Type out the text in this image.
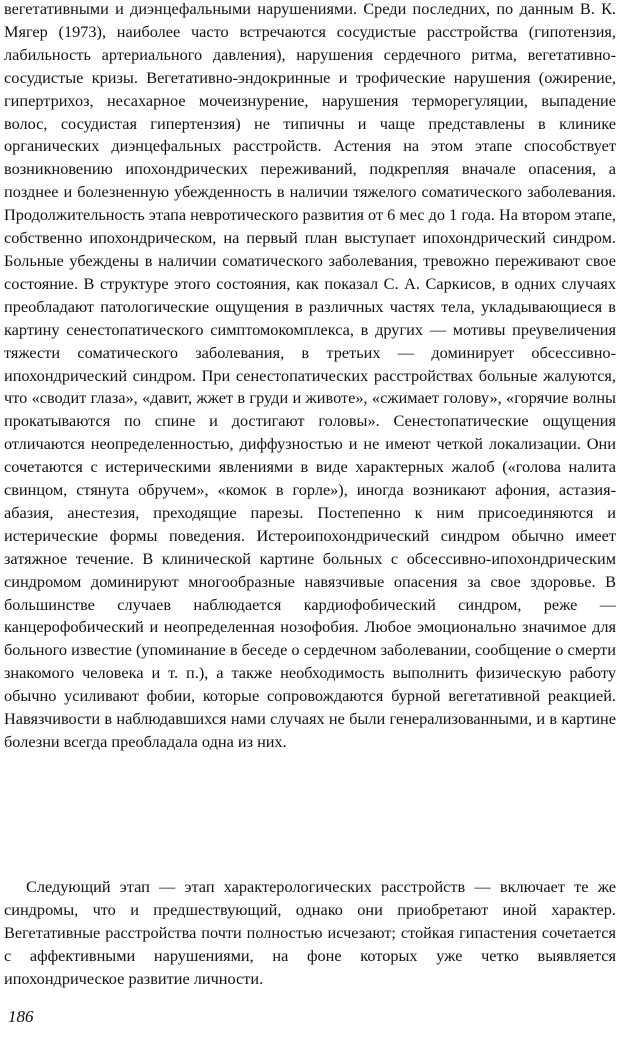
вегетативными и диэнцефальными нарушениями. Среди последних, по данным В. К. Мягер (1973), наиболее часто встречаются сосудистые расстройства (гипотензия, лабильность артериального давления), нарушения сердечного ритма, вегетативно-сосудистые кризы. Вегетативно-эндокринные и трофические нарушения (ожирение, гипертрихоз, несахарное мочеизнурение, нарушения терморегуляции, выпадение волос, сосудистая гипертензия) не типичны и чаще представлены в клинике органических диэнцефальных расстройств. Астения на этом этапе способствует возникновению ипохондрических переживаний, подкрепляя вначале опасения, а позднее и болезненную убежденность в наличии тяжелого соматического заболевания. Продолжительность этапа невротического развития от 6 мес до 1 года. На втором этапе, собственно ипохондрическом, на первый план выступает ипохондрический синдром. Больные убеждены в наличии соматического заболевания, тревожно переживают свое состояние. В структуре этого состояния, как показал С. А. Саркисов, в одних случаях преобладают патологические ощущения в различных частях тела, укладывающиеся в картину сенестопатического симптомокомплекса, в других — мотивы преувеличения тяжести соматического заболевания, в третьих — доминирует обсессивно-ипохондрический синдром. При сенестопатических расстройствах больные жалуются, что «сводит глаза», «давит, жжет в груди и животе», «сжимает голову», «горячие волны прокатываются по спине и достигают головы». Сенестопатические ощущения отличаются неопределенностью, диффузностью и не имеют четкой локализации. Они сочетаются с истерическими явлениями в виде характерных жалоб («голова налита свинцом, стянута обручем», «комок в горле»), иногда возникают афония, астазия-абазия, анестезия, преходящие парезы. Постепенно к ним присоединяются и истерические формы поведения. Истероипохондрический синдром обычно имеет затяжное течение. В клинической картине больных с обсессивно-ипохондрическим синдромом доминируют многообразные навязчивые опасения за свое здоровье. В большинстве случаев наблюдается кардиофобический синдром, реже — канцерофобический и неопределенная нозофобия. Любое эмоционально значимое для больного известие (упоминание в беседе о сердечном заболевании, сообщение о смерти знакомого человека и т. п.), а также необходимость выполнить физическую работу обычно усиливают фобии, которые сопровождаются бурной вегетативной реакцией. Навязчивости в наблюдавшихся нами случаях не были генерализованными, и в картине болезни всегда преобладала одна из них.

Следующий этап — этап характерологических расстройств — включает те же синдромы, что и предшествующий, однако они приобретают иной характер. Вегетативные расстройства почти полностью исчезают; стойкая гипастения сочетается с аффективными нарушениями, на фоне которых уже четко выявляется ипохондрическое развитие личности.

186
